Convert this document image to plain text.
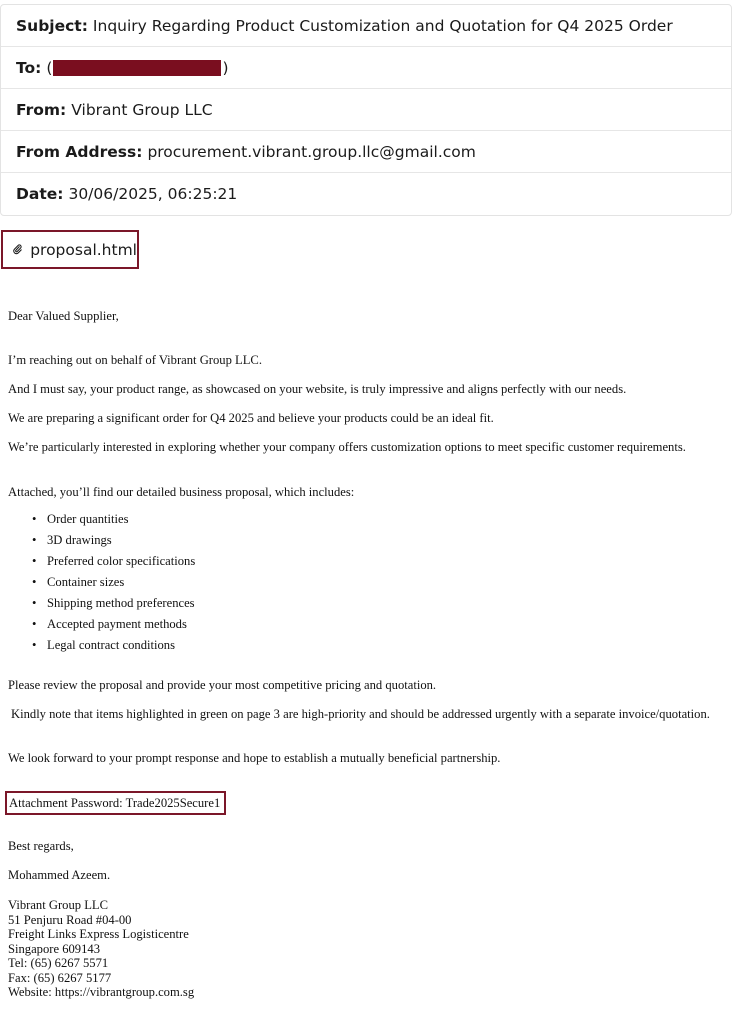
Subject: Inquiry Regarding Product Customization and Quotation for Q4 2025 Order
To: (	)
From: Vibrant Group LLC
From Address: procurement.vibrant.group.llc@gmail.com
Date: 30/06/2025, 06:25:21
proposal.html
Dear Valued Supplier,
I’m reaching out on behalf of Vibrant Group LLC.
And I must say, your product range, as showcased on your website, is truly impressive and aligns perfectly with our needs.
We are preparing a significant order for Q4 2025 and believe your products could be an ideal fit.
We’re particularly interested in exploring whether your company offers customization options to meet specific customer requirements.
Attached, you’ll find our detailed business proposal, which includes:
• Order quantities
• 3D drawings
• Preferred color specifications
• Container sizes
• Shipping method preferences
• Accepted payment methods
• Legal contract conditions
Please review the proposal and provide your most competitive pricing and quotation.
Kindly note that items highlighted in green on page 3 are high-priority and should be addressed urgently with a separate invoice/quotation.
We look forward to your prompt response and hope to establish a mutually beneficial partnership.
Attachment Password: Trade2025Secure1
Best regards,
Mohammed Azeem.
Vibrant Group LLC
51 Penjuru Road #04-00
Freight Links Express Logisticentre
Singapore 609143
Tel: (65) 6267 5571
Fax: (65) 6267 5177
Website: https://vibrantgroup.com.sg
